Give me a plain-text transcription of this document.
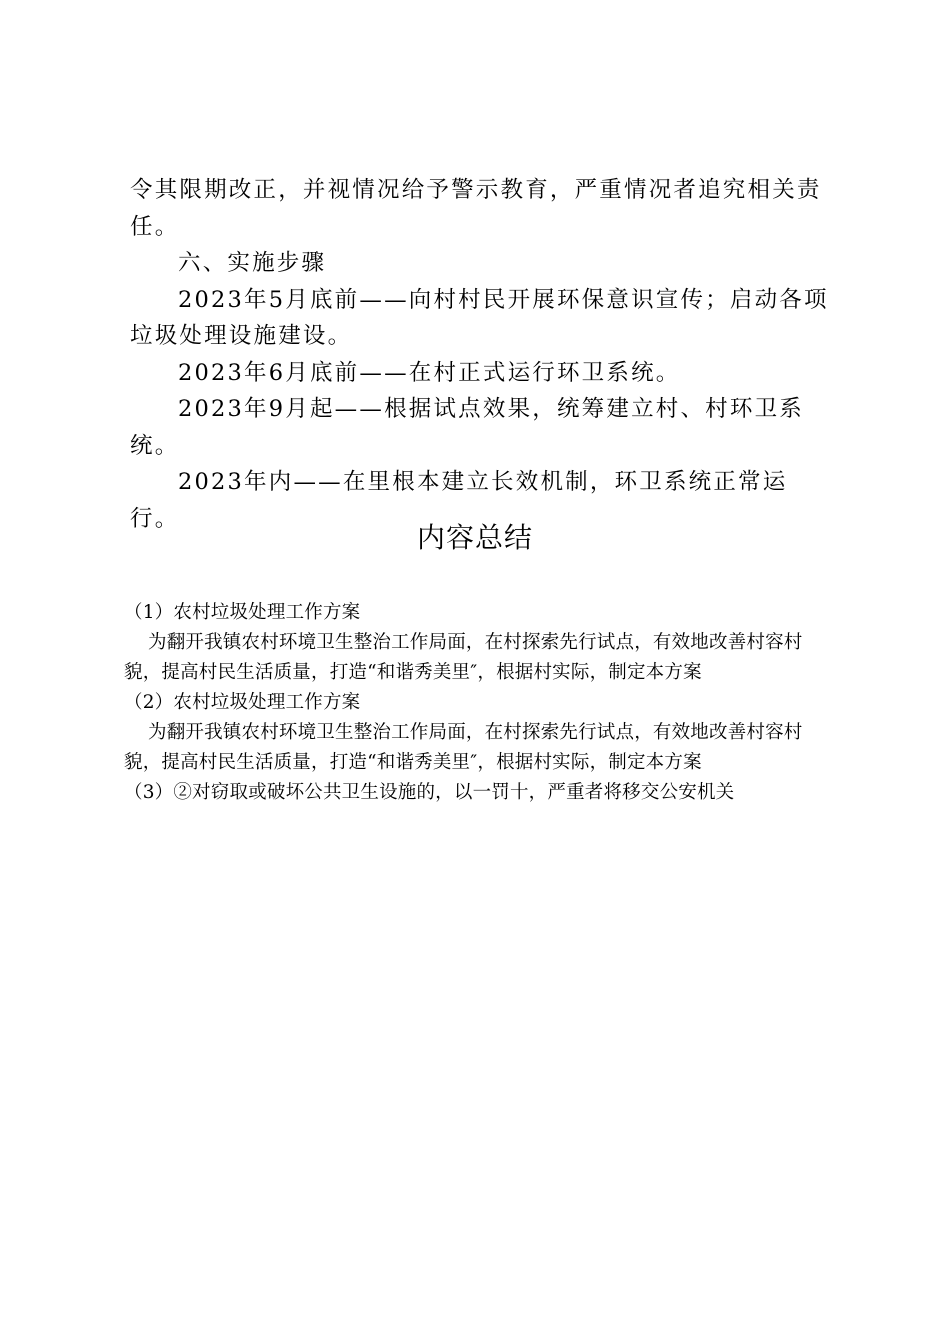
令其限期改正，并视情况给予警示教育，严重情况者追究相关责任。

六、实施步骤

2023年5月底前——向村村民开展环保意识宣传；启动各项垃圾处理设施建设。

2023年6月底前——在村正式运行环卫系统。

2023年9月起——根据试点效果，统筹建立村、村环卫系统。

2023年内——在里根本建立长效机制，环卫系统正常运行。

内容总结

（1）农村垃圾处理工作方案

为翻开我镇农村环境卫生整治工作局面，在村探索先行试点，有效地改善村容村貌，提高村民生活质量，打造“和谐秀美里″，根据村实际，制定本方案

（2）农村垃圾处理工作方案

为翻开我镇农村环境卫生整治工作局面，在村探索先行试点，有效地改善村容村貌，提高村民生活质量，打造“和谐秀美里″，根据村实际，制定本方案

（3）②对窃取或破坏公共卫生设施的，以一罚十，严重者将移交公安机关
